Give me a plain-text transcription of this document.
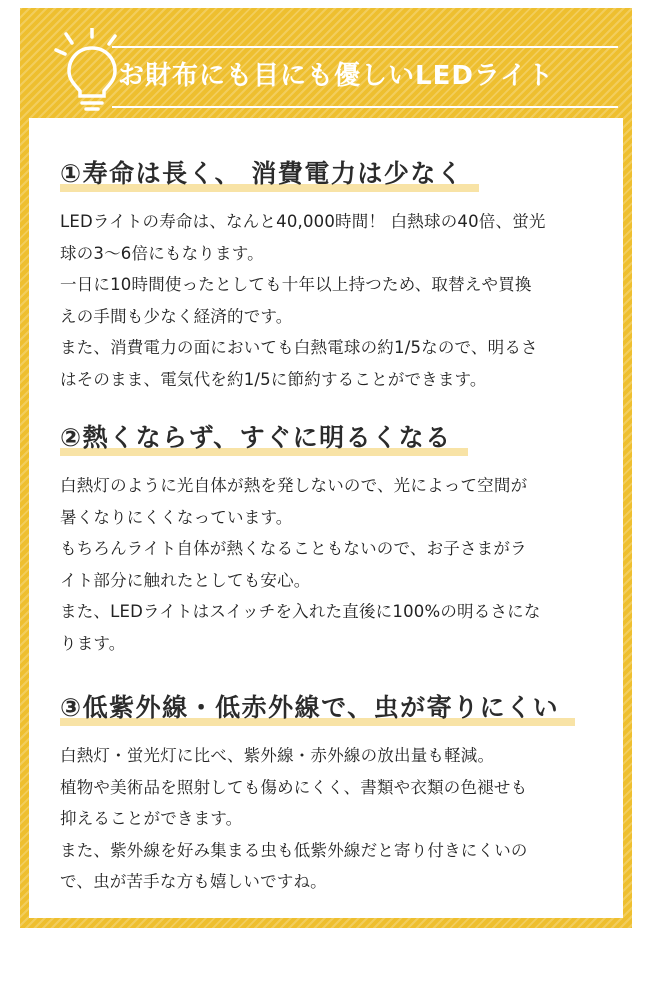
お財布にも目にも優しいLEDライト
①寿命は長く、 消費電力は少なく

LEDライトの寿命は、なんと40,000時間！ 白熱球の40倍、蛍光

球の3～6倍にもなります。

一日に10時間使ったとしても十年以上持つため、取替えや買換

えの手間も少なく経済的です。

また、消費電力の面においても白熱電球の約1/5なので、明るさ

はそのまま、電気代を約1/5に節約することができます。

②熱くならず、すぐに明るくなる

白熱灯のように光自体が熱を発しないので、光によって空間が

暑くなりにくくなっています。

もちろんライト自体が熱くなることもないので、お子さまがラ

イト部分に触れたとしても安心。

また、LEDライトはスイッチを入れた直後に100%の明るさにな

ります。

③低紫外線・低赤外線で、虫が寄りにくい

白熱灯・蛍光灯に比べ、紫外線・赤外線の放出量も軽減。

植物や美術品を照射しても傷めにくく、書類や衣類の色褪せも

抑えることができます。

また、紫外線を好み集まる虫も低紫外線だと寄り付きにくいの

で、虫が苦手な方も嬉しいですね。
